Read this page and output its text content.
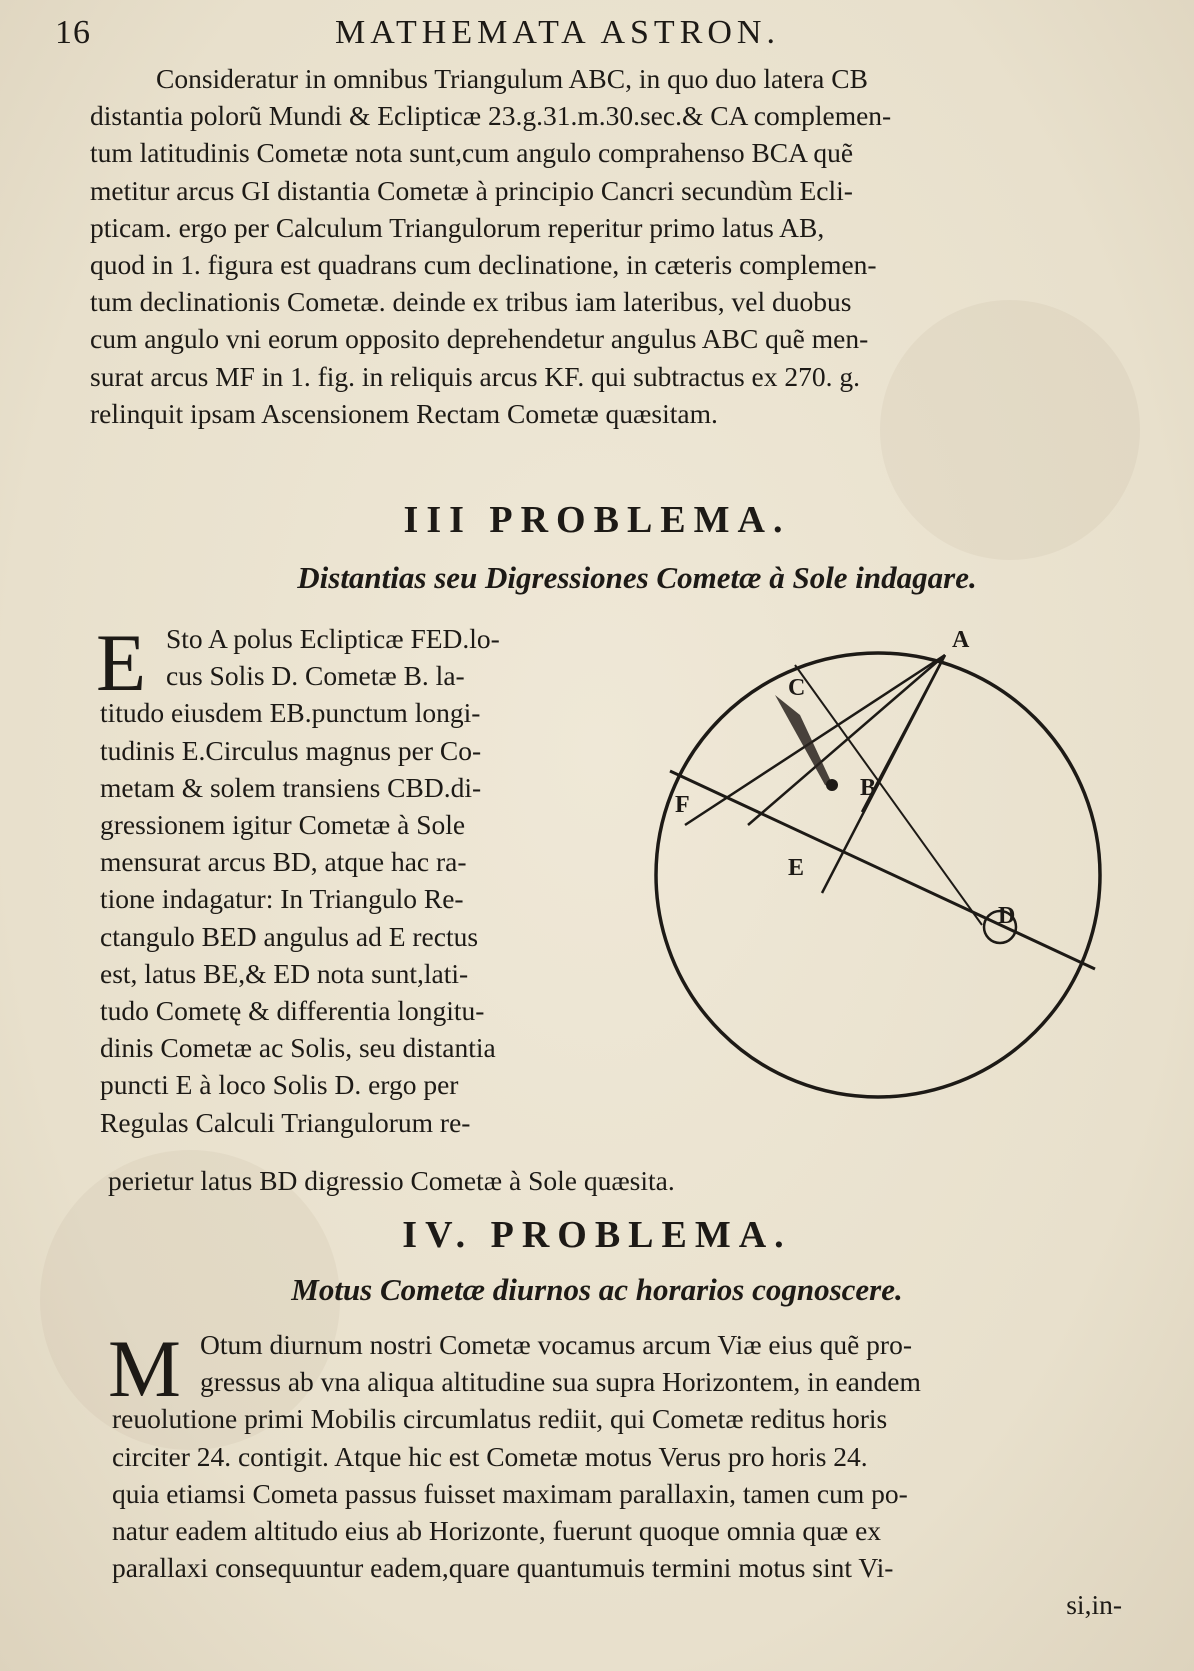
16	MATHEMATA ASTRON.
Consideratur in omnibus Triangulum ABC, in quo duo latera CB
distantia polorũ Mundi & Eclipticæ 23.g.31.m.30.sec.& CA complemen-
tum latitudinis Cometæ nota sunt,cum angulo comprahenso BCA quẽ
metitur arcus GI distantia Cometæ à principio Cancri secundùm Ecli-
pticam. ergo per Calculum Triangulorum reperitur primo latus AB,
quod in 1. figura est quadrans cum declinatione, in cæteris complemen-
tum declinationis Cometæ. deinde ex tribus iam lateribus, vel duobus
cum angulo vni eorum opposito deprehendetur angulus ABC quẽ men-
surat arcus MF in 1. fig. in reliquis arcus KF. qui subtractus ex 270. g.
relinquit ipsam Ascensionem Rectam Cometæ quæsitam.
III PROBLEMA.
Distantias seu Digressiones Cometæ à Sole indagare.
E Sto A polus Eclipticæ FED.lo-
cus Solis D. Cometæ B. la-
titudo eiusdem EB.punctum longi-
tudinis E.Circulus magnus per Co-
metam & solem transiens CBD.di-
gressionem igitur Cometæ à Sole
mensurat arcus BD, atque hac ra-
tione indagatur: In Triangulo Re-
ctangulo BED angulus ad E rectus
est, latus BE,& ED nota sunt,lati-
tudo Cometę & differentia longitu-
dinis Cometæ ac Solis, seu distantia
puncti E à loco Solis D. ergo per
Regulas Calculi Triangulorum re-
perietur latus BD digressio Cometæ à Sole quæsita.
A
C
B
F
E
D
IV. PROBLEMA.
Motus Cometæ diurnos ac horarios cognoscere.
M Otum diurnum nostri Cometæ vocamus arcum Viæ eius quẽ pro-
gressus ab vna aliqua altitudine sua supra Horizontem, in eandem
reuolutione primi Mobilis circumlatus rediit, qui Cometæ reditus horis
circiter 24. contigit. Atque hic est Cometæ motus Verus pro horis 24.
quia etiamsi Cometa passus fuisset maximam parallaxin, tamen cum po-
natur eadem altitudo eius ab Horizonte, fuerunt quoque omnia quæ ex
parallaxi consequuntur eadem,quare quantumuis termini motus sint Vi-
si,in-
